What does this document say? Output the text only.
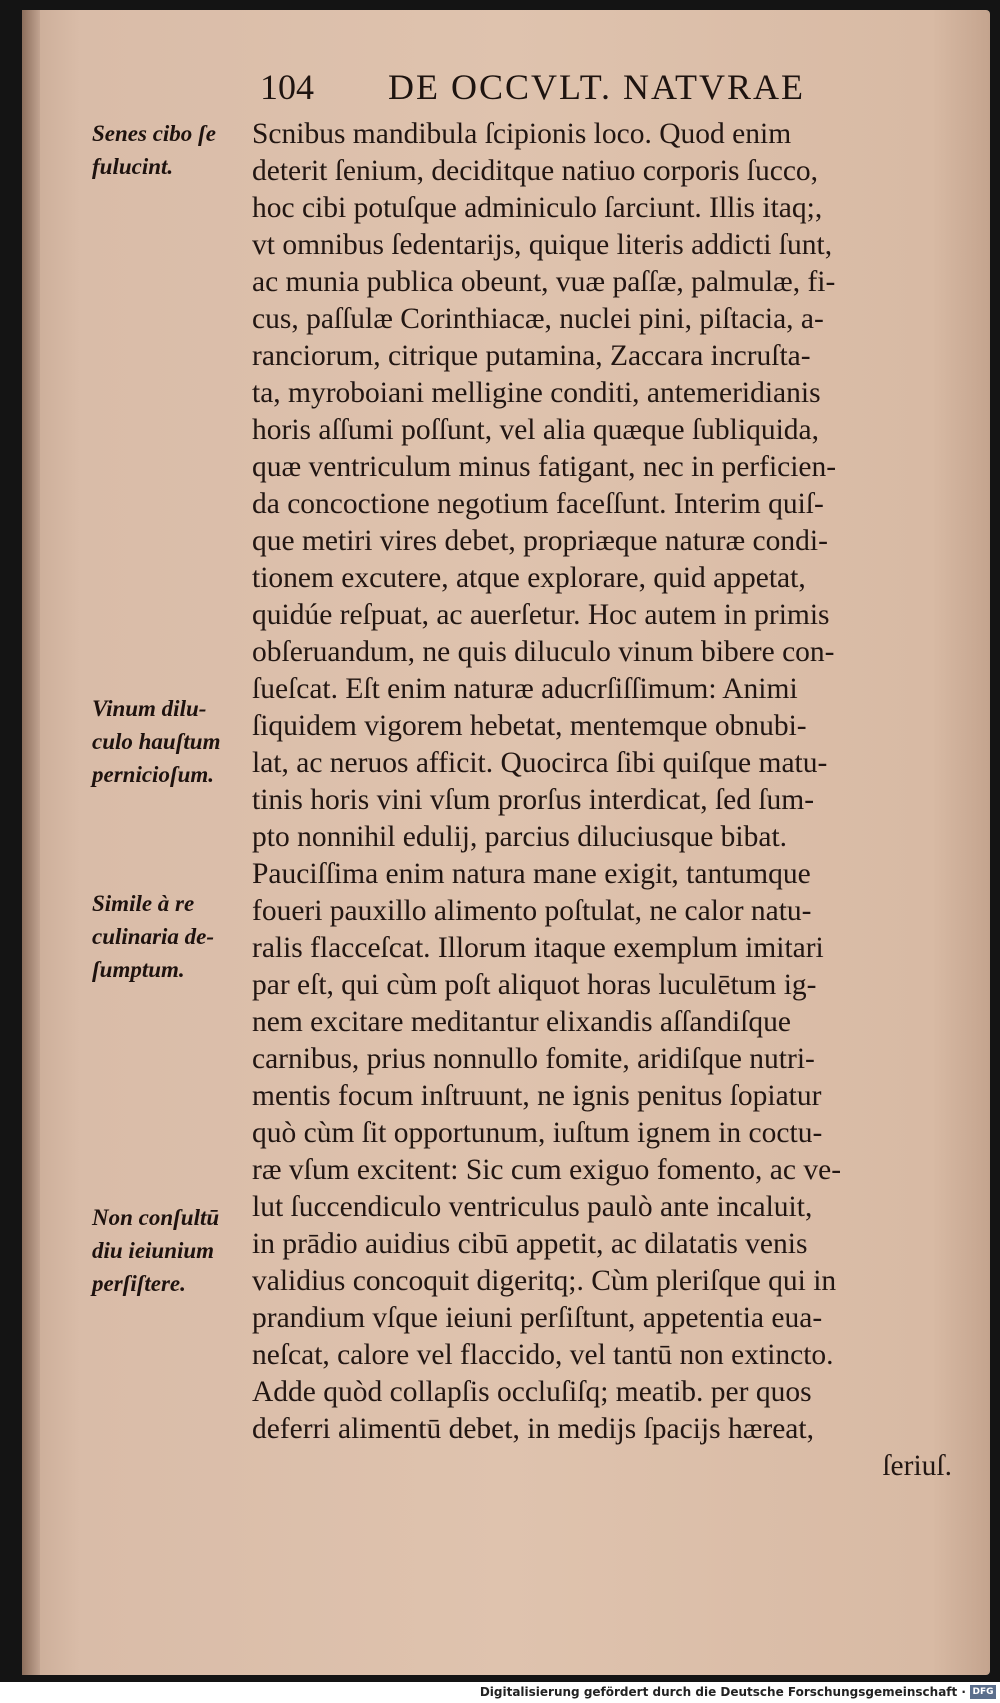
104 DE OCCVLT. NATVRAE
Scnibus mandibula ſcipionis loco. Quod enim
deterit ſenium, deciditque natiuo corporis ſucco,
hoc cibi potuſque adminiculo ſarciunt. Illis itaq;,
vt omnibus ſedentarijs, quique literis addicti ſunt,
ac munia publica obeunt, vuæ paſſæ, palmulæ, fi-
cus, paſſulæ Corinthiacæ, nuclei pini, piſtacia, a-
ranciorum, citrique putamina, Zaccara incruſta-
ta, myroboiani melligine conditi, antemeridianis
horis aſſumi poſſunt, vel alia quæque ſubliquida,
quæ ventriculum minus fatigant, nec in perficien-
da concoctione negotium faceſſunt. Interim quiſ-
que metiri vires debet, propriæque naturæ condi-
tionem excutere, atque explorare, quid appetat,
quidúe reſpuat, ac auerſetur. Hoc autem in primis
obſeruandum, ne quis diluculo vinum bibere con-
ſueſcat. Eſt enim naturæ aducrſiſſimum: Animi
ſiquidem vigorem hebetat, mentemque obnubi-
lat, ac neruos afficit. Quocirca ſibi quiſque matu-
tinis horis vini vſum prorſus interdicat, ſed ſum-
pto nonnihil edulij, parcius diluciusque bibat.
Pauciſſima enim natura mane exigit, tantumque
foueri pauxillo alimento poſtulat, ne calor natu-
ralis flacceſcat. Illorum itaque exemplum imitari
par eſt, qui cùm poſt aliquot horas luculētum ig-
nem excitare meditantur elixandis aſſandiſque
carnibus, prius nonnullo fomite, aridiſque nutri-
mentis focum inſtruunt, ne ignis penitus ſopiatur
quò cùm ſit opportunum, iuſtum ignem in coctu-
ræ vſum excitent: Sic cum exiguo fomento, ac ve-
lut ſuccendiculo ventriculus paulò ante incaluit,
in prādio auidius cibū appetit, ac dilatatis venis
validius concoquit digeritq;. Cùm pleriſque qui in
prandium vſque ieiuni perſiſtunt, appetentia eua-
neſcat, calore vel flaccido, vel tantū non extincto.
Adde quòd collapſis occluſiſq; meatib. per quos
deferri alimentū debet, in medijs ſpacijs hæreat,
ſeriuſ.
Senes cibo ſe
fulucint.
Vinum dilu-
culo hauſtum
pernicioſum.
Simile à re
culinaria de-
ſumptum.
Non conſultū
diu ieiunium
perſiſtere.
Digitalisierung gefördert durch die Deutsche Forschungsgemeinschaft · DFG
